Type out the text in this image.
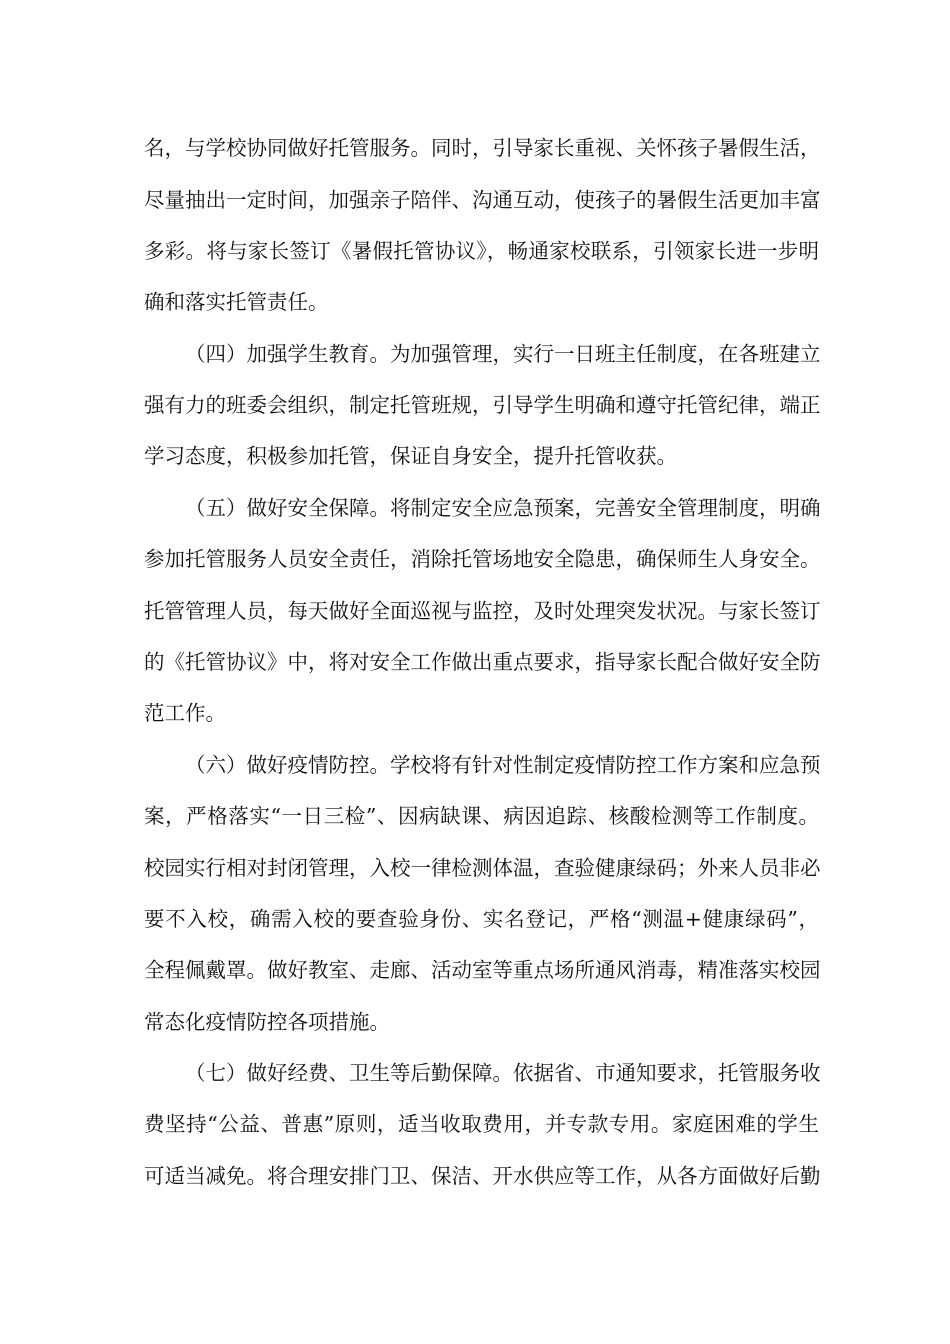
名，与学校协同做好托管服务。同时，引导家长重视、关怀孩子暑假生活，
尽量抽出一定时间，加强亲子陪伴、沟通互动，使孩子的暑假生活更加丰富
多彩。将与家长签订《暑假托管协议》，畅通家校联系，引领家长进一步明
确和落实托管责任。
（四）加强学生教育。为加强管理，实行一日班主任制度，在各班建立
强有力的班委会组织，制定托管班规，引导学生明确和遵守托管纪律，端正
学习态度，积极参加托管，保证自身安全，提升托管收获。
（五）做好安全保障。将制定安全应急预案，完善安全管理制度，明确
参加托管服务人员安全责任，消除托管场地安全隐患，确保师生人身安全。
托管管理人员，每天做好全面巡视与监控，及时处理突发状况。与家长签订
的《托管协议》中，将对安全工作做出重点要求，指导家长配合做好安全防
范工作。
（六）做好疫情防控。学校将有针对性制定疫情防控工作方案和应急预
案，严格落实“一日三检”、因病缺课、病因追踪、核酸检测等工作制度。
校园实行相对封闭管理，入校一律检测体温，查验健康绿码；外来人员非必
要不入校，确需入校的要查验身份、实名登记，严格“测温+健康绿码”，
全程佩戴罩。做好教室、走廊、活动室等重点场所通风消毒，精准落实校园
常态化疫情防控各项措施。
（七）做好经费、卫生等后勤保障。依据省、市通知要求，托管服务收
费坚持“公益、普惠”原则，适当收取费用，并专款专用。家庭困难的学生
可适当减免。将合理安排门卫、保洁、开水供应等工作，从各方面做好后勤
